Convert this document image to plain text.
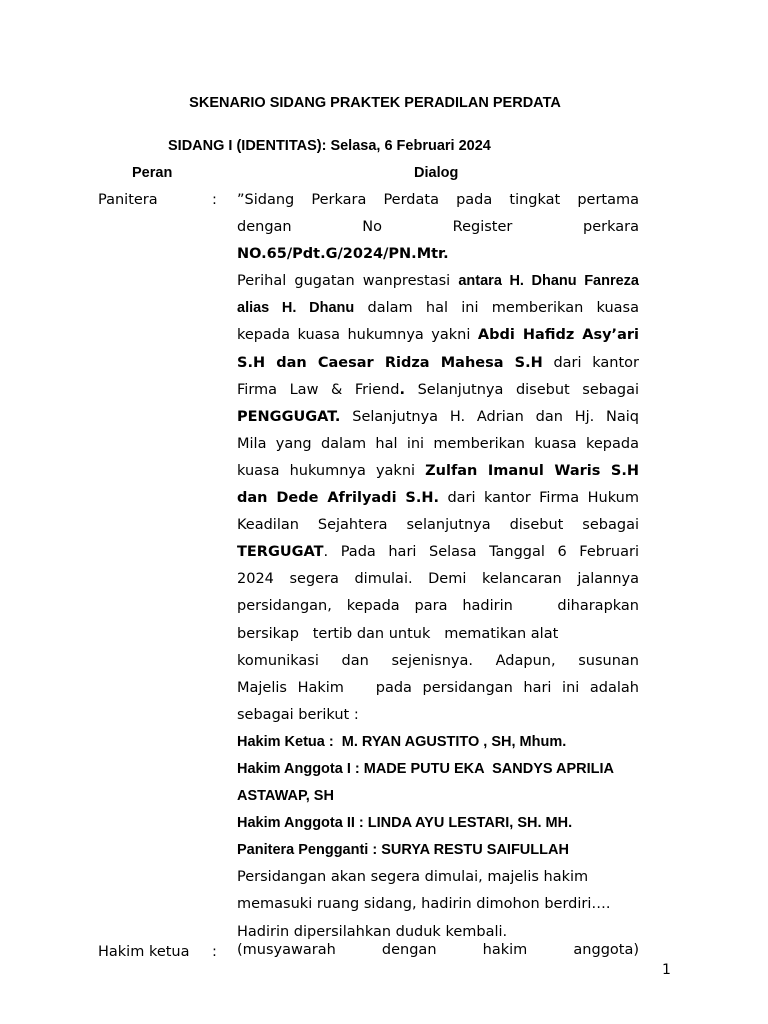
SKENARIO SIDANG PRAKTEK PERADILAN PERDATA
SIDANG I (IDENTITAS): Selasa, 6 Februari 2024
Peran	Dialog
Panitera	: ”Sidang Perkara Perdata pada tingkat pertama
dengan No Register perkara
NO.65/Pdt.G/2024/PN.Mtr.
Perihal gugatan wanprestasi antara H. Dhanu Fanreza
alias H. Dhanu dalam hal ini memberikan kuasa
kepada kuasa hukumnya yakni Abdi Hafidz Asy’ari
S.H dan Caesar Ridza Mahesa S.H dari kantor
Firma Law & Friend. Selanjutnya disebut sebagai
PENGGUGAT. Selanjutnya H. Adrian dan Hj. Naiq
Mila yang dalam hal ini memberikan kuasa kepada
kuasa hukumnya yakni Zulfan Imanul Waris S.H
dan Dede Afrilyadi S.H. dari kantor Firma Hukum
Keadilan Sejahtera selanjutnya disebut sebagai
TERGUGAT. Pada hari Selasa Tanggal 6 Februari
2024 segera dimulai. Demi kelancaran jalannya
persidangan, kepada para hadirin   diharapkan
bersikap   tertib dan untuk   mematikan alat
komunikasi dan sejenisnya. Adapun, susunan
Majelis Hakim   pada persidangan hari ini adalah
sebagai berikut :
Hakim Ketua :  M. RYAN AGUSTITO , SH, Mhum.
Hakim Anggota I : MADE PUTU EKA  SANDYS APRILIA
ASTAWAP, SH
Hakim Anggota II : LINDA AYU LESTARI, SH. MH.
Panitera Pengganti : SURYA RESTU SAIFULLAH
Persidangan akan segera dimulai, majelis hakim
memasuki ruang sidang, hadirin dimohon berdiri….
Hadirin dipersilahkan duduk kembali.
Hakim ketua : (musyawarah dengan hakim anggota)
1
